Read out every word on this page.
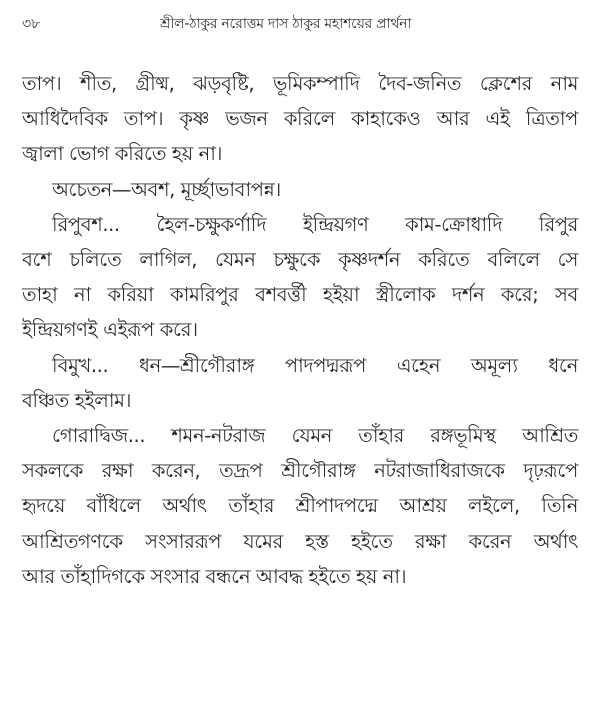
৩৮	শ্রীল-ঠাকুর নরোত্তম দাস ঠাকুর মহাশয়ের প্রার্থনা
তাপ। শীত, গ্রীষ্ম, ঝড়বৃষ্টি, ভূমিকম্পাদি দৈব-জনিত ক্লেশের নাম
আধিদৈবিক তাপ। কৃষ্ণ ভজন করিলে কাহাকেও আর এই ত্রিতাপ
জ্বালা ভোগ করিতে হয় না।
অচেতন—অবশ, মূর্চ্ছাভাবাপন্ন।
রিপুবশ... হৈল-চক্ষুকর্ণাদি ইন্দ্রিয়গণ কাম-ক্রোধাদি রিপুর
বশে চলিতে লাগিল, যেমন চক্ষুকে কৃষ্ণদর্শন করিতে বলিলে সে
তাহা না করিয়া কামরিপুর বশবর্ত্তী হইয়া স্ত্রীলোক দর্শন করে; সব
ইন্দ্রিয়গণই এইরূপ করে।
বিমুখ... ধন—শ্রীগৌরাঙ্গ পাদপদ্মরূপ এহেন অমূল্য ধনে
বঞ্চিত হইলাম।
গোরাদ্বিজ... শমন-নটরাজ যেমন তাঁহার রঙ্গভূমিস্থ আশ্রিত
সকলকে রক্ষা করেন, তদ্রূপ শ্রীগৌরাঙ্গ নটরাজাধিরাজকে দৃঢ়রূপে
হৃদয়ে বাঁধিলে অর্থাৎ তাঁহার শ্রীপাদপদ্মে আশ্রয় লইলে, তিনি
আশ্রিতগণকে সংসাররূপ যমের হস্ত হইতে রক্ষা করেন অর্থাৎ
আর তাঁহাদিগকে সংসার বন্ধনে আবদ্ধ হইতে হয় না।
